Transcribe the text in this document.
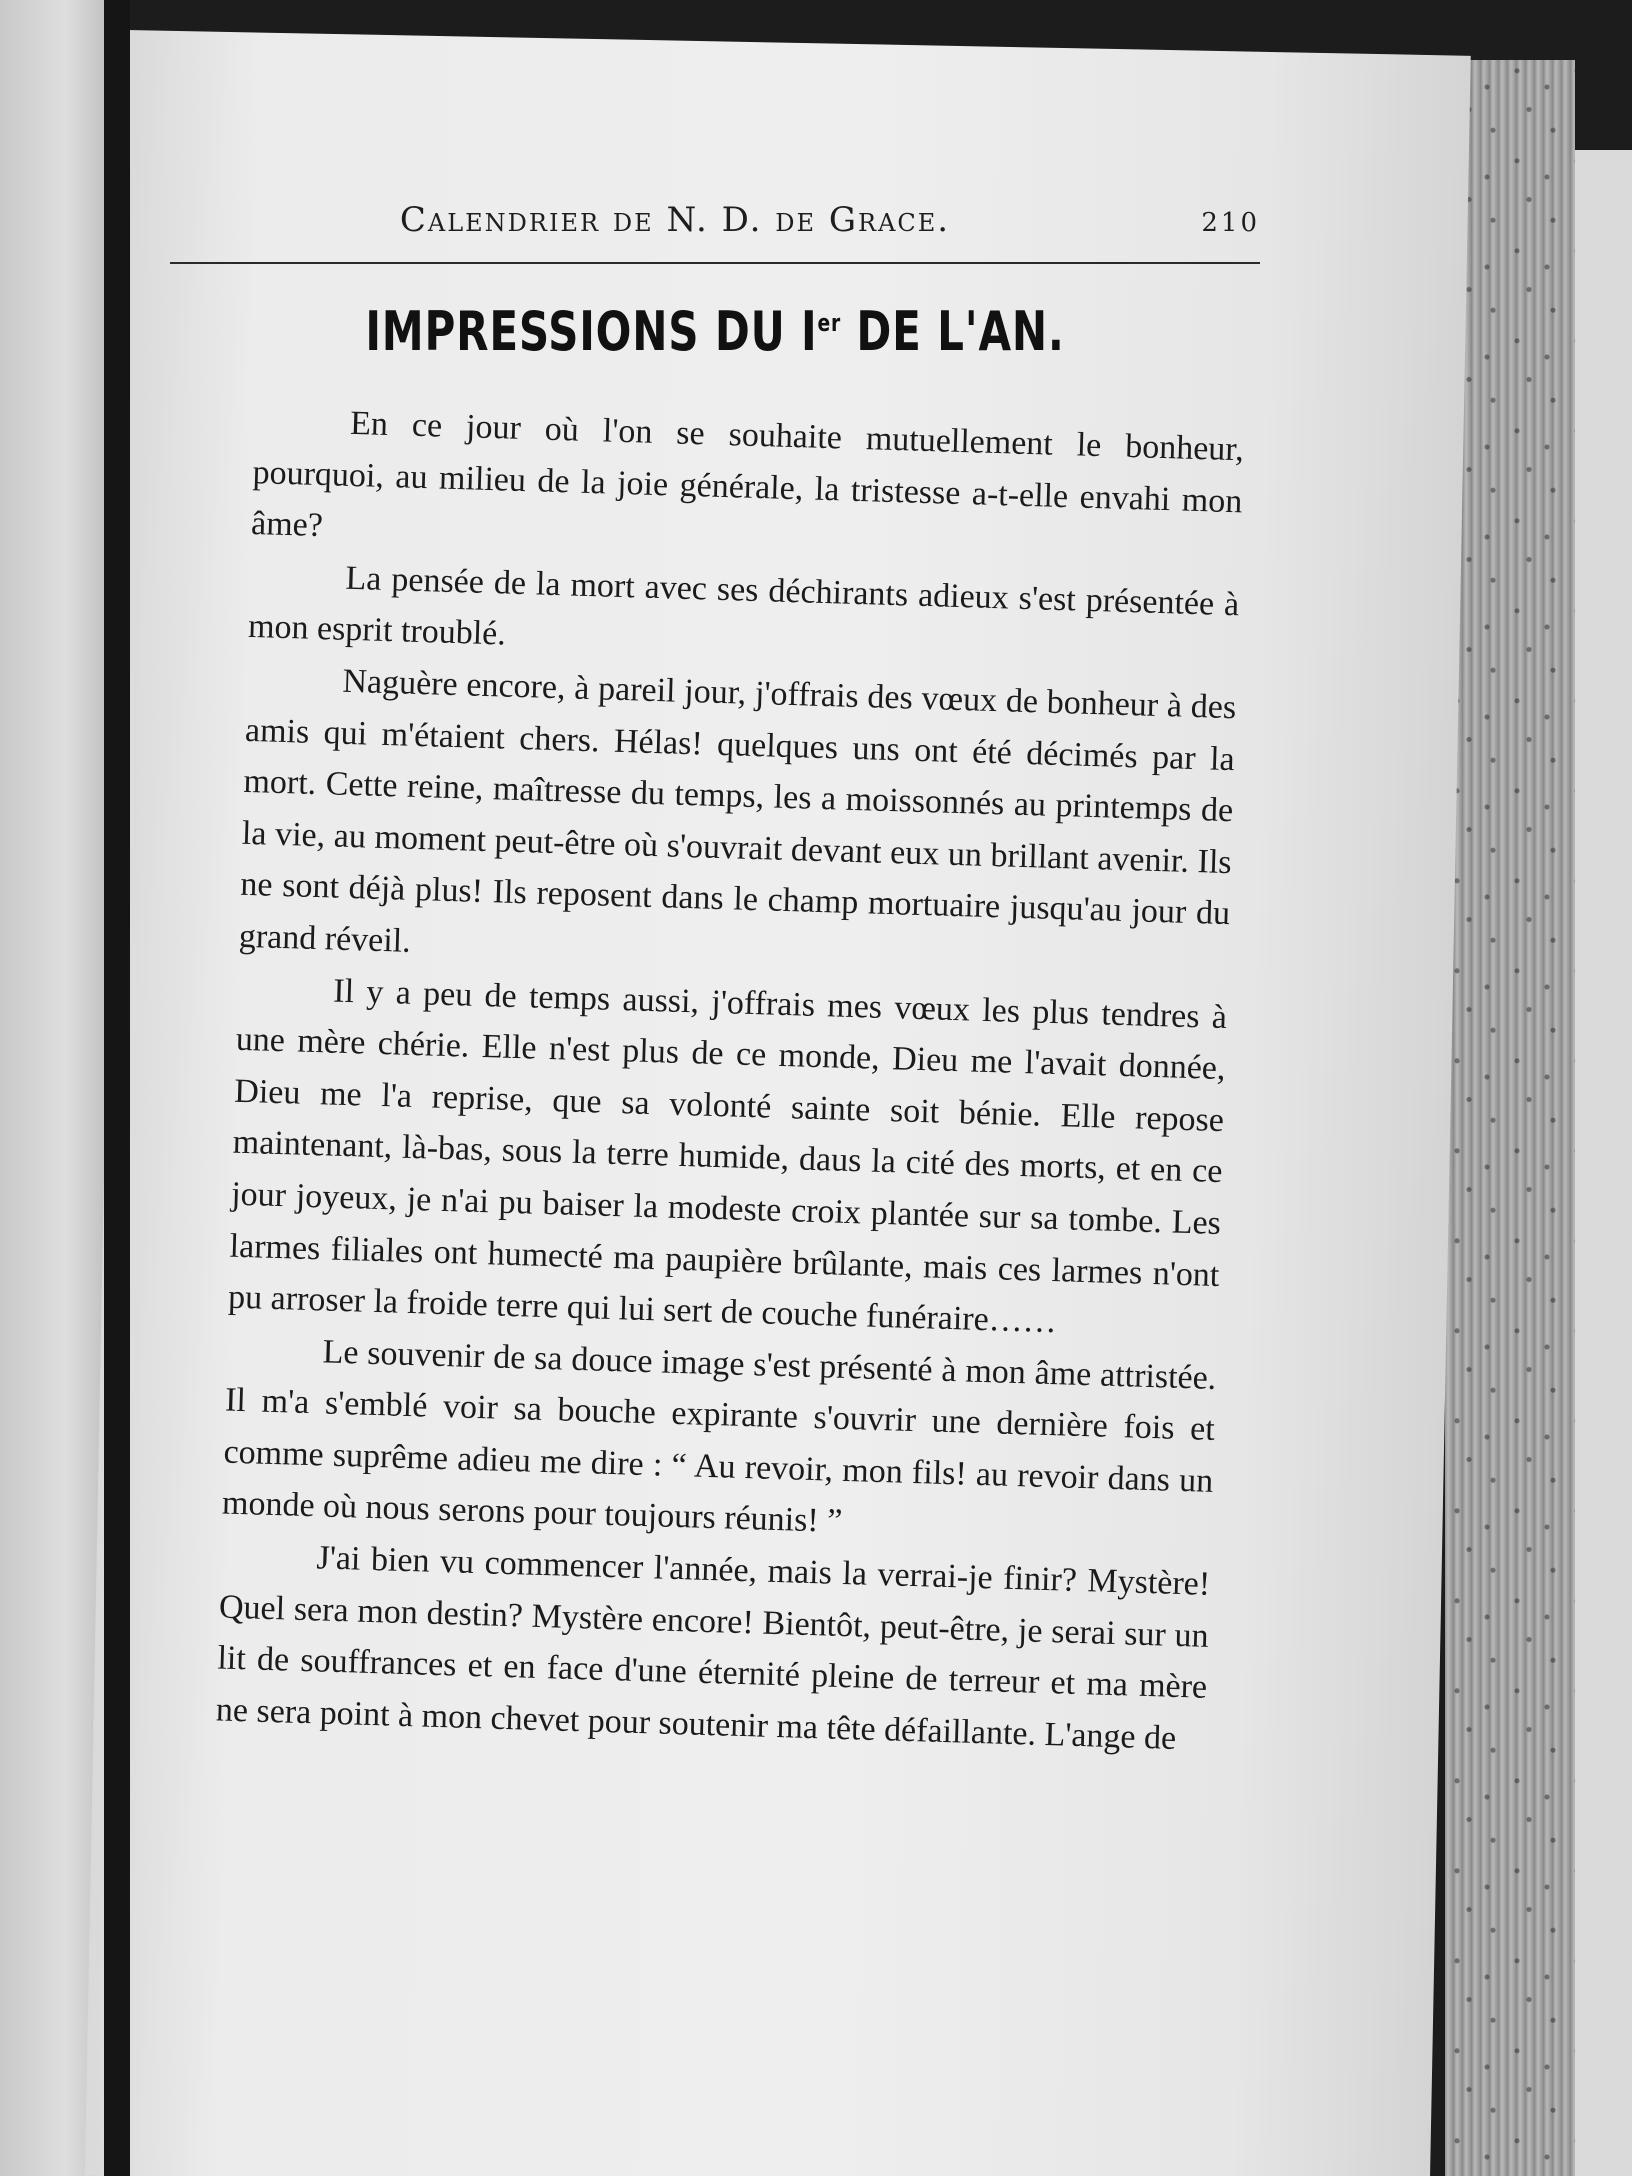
Calendrier de N. D. de Grace.	210
IMPRESSIONS DU Ier DE L'AN.

En ce jour où l'on se souhaite mutuellement le bonheur, pourquoi, au milieu de la joie générale, la tristesse a-t-elle envahi mon âme?

La pensée de la mort avec ses déchirants adieux s'est présentée à mon esprit troublé.

Naguère encore, à pareil jour, j'offrais des vœux de bonheur à des amis qui m'étaient chers. Hélas! quelques uns ont été décimés par la mort. Cette reine, maîtresse du temps, les a moissonnés au printemps de la vie, au moment peut-être où s'ouvrait devant eux un brillant avenir. Ils ne sont déjà plus! Ils reposent dans le champ mortuaire jusqu'au jour du grand réveil.

Il y a peu de temps aussi, j'offrais mes vœux les plus tendres à une mère chérie. Elle n'est plus de ce monde, Dieu me l'avait donnée, Dieu me l'a reprise, que sa volonté sainte soit bénie. Elle repose maintenant, là-bas, sous la terre humide, daus la cité des morts, et en ce jour joyeux, je n'ai pu baiser la modeste croix plantée sur sa tombe. Les larmes filiales ont humecté ma paupière brûlante, mais ces larmes n'ont pu arroser la froide terre qui lui sert de couche funéraire……

Le souvenir de sa douce image s'est présenté à mon âme attristée. Il m'a s'emblé voir sa bouche expirante s'ouvrir une dernière fois et comme suprême adieu me dire : “ Au revoir, mon fils! au revoir dans un monde où nous serons pour toujours réunis! ”

J'ai bien vu commencer l'année, mais la verrai-je finir? Mystère! Quel sera mon destin? Mystère encore! Bientôt, peut-être, je serai sur un lit de souffrances et en face d'une éternité pleine de terreur et ma mère ne sera point à mon chevet pour soutenir ma tête défaillante. L'ange de
